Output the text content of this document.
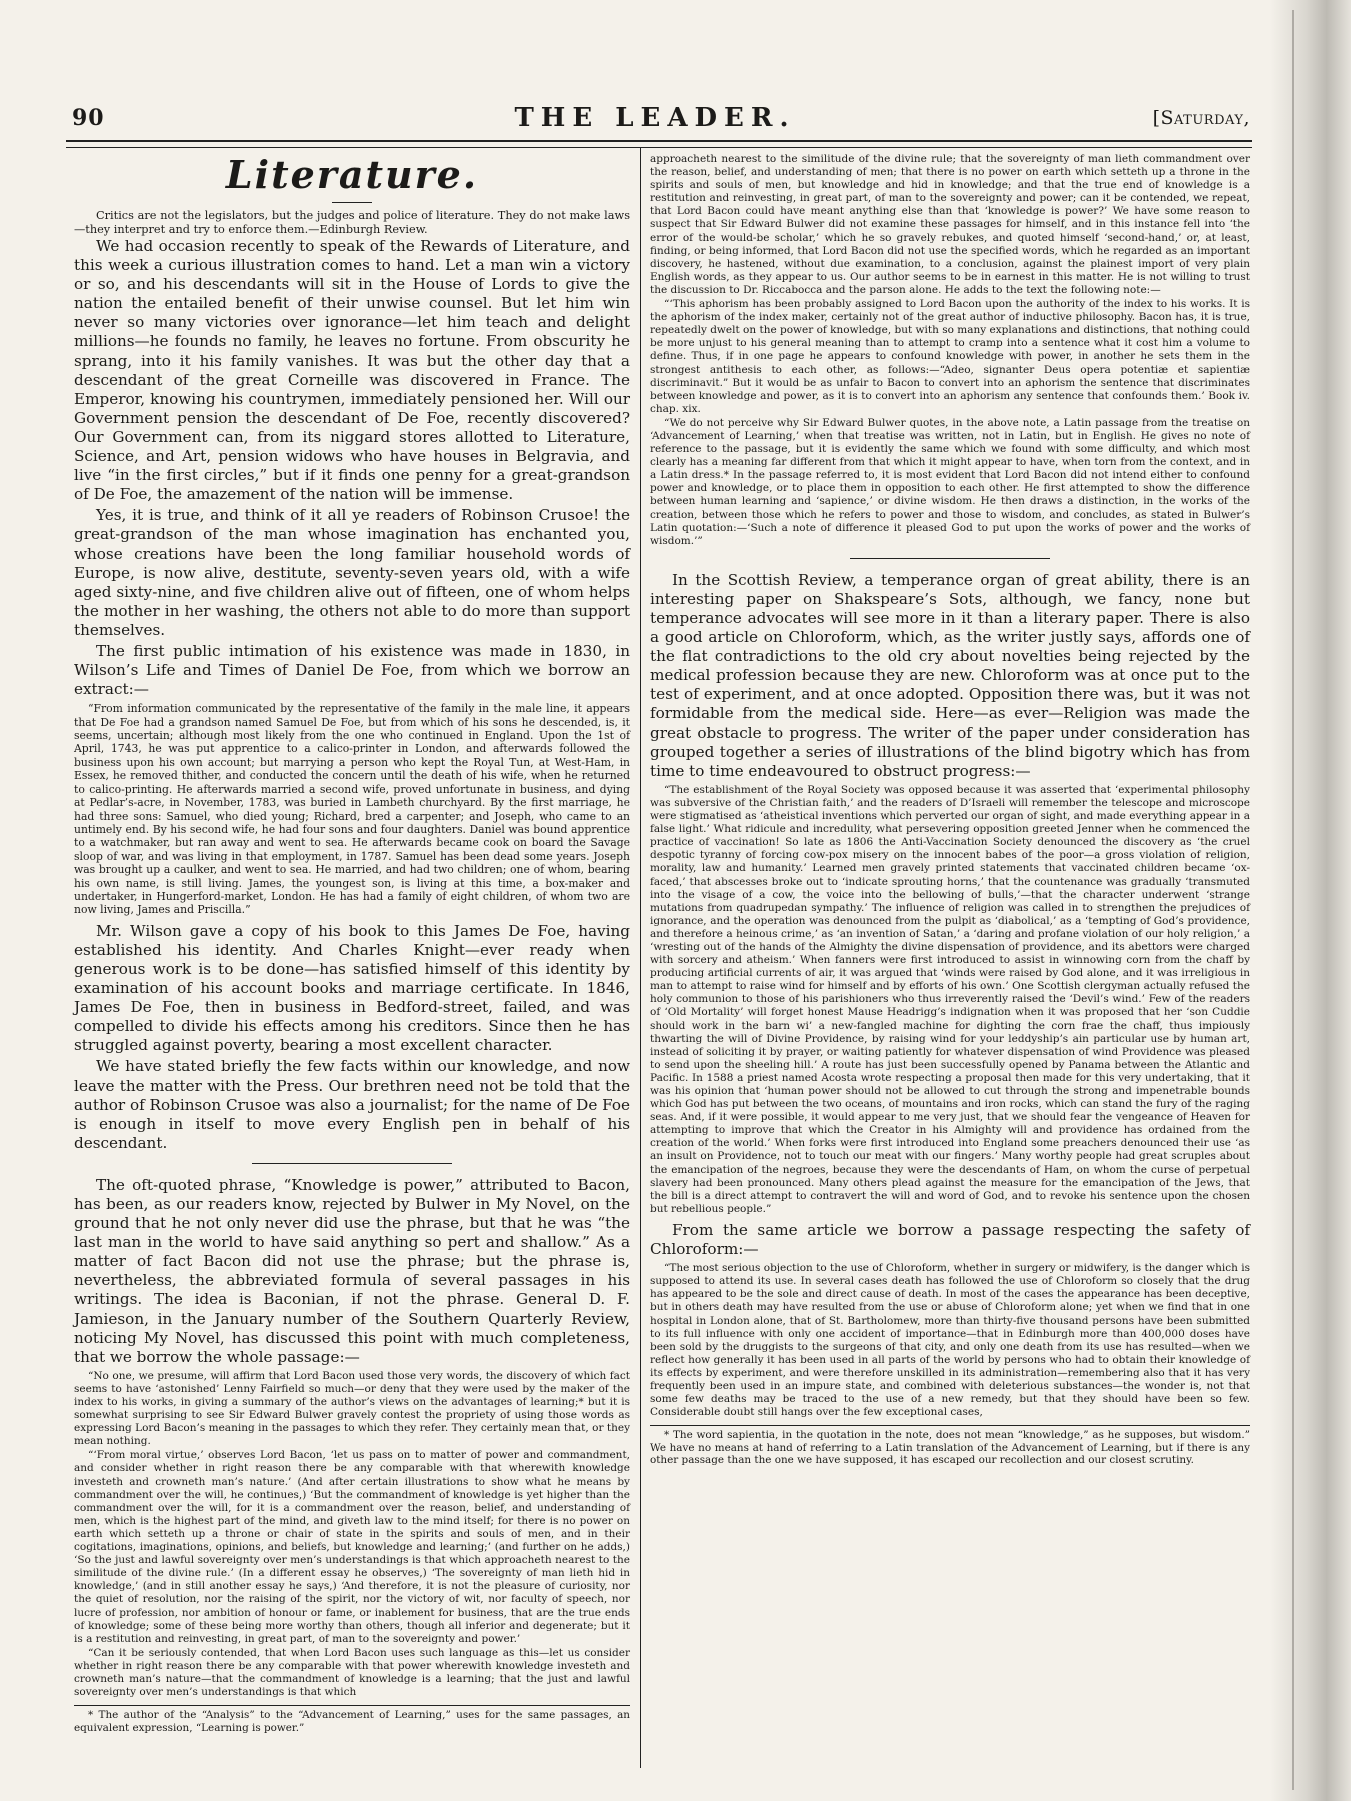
90	THE LEADER.	[Saturday,
Literature.

Critics are not the legislators, but the judges and police of literature. They do not make laws—they interpret and try to enforce them.—Edinburgh Review.

We had occasion recently to speak of the Rewards of Literature, and this week a curious illustration comes to hand. Let a man win a victory or so, and his descendants will sit in the House of Lords to give the nation the entailed benefit of their unwise counsel. But let him win never so many victories over ignorance—let him teach and delight millions—he founds no family, he leaves no fortune. From obscurity he sprang, into it his family vanishes. It was but the other day that a descendant of the great Corneille was discovered in France. The Emperor, knowing his countrymen, immediately pensioned her. Will our Government pension the descendant of De Foe, recently discovered? Our Government can, from its niggard stores allotted to Literature, Science, and Art, pension widows who have houses in Belgravia, and live “in the first circles,” but if it finds one penny for a great-grandson of De Foe, the amazement of the nation will be immense.

Yes, it is true, and think of it all ye readers of Robinson Crusoe! the great-grandson of the man whose imagination has enchanted you, whose creations have been the long familiar household words of Europe, is now alive, destitute, seventy-seven years old, with a wife aged sixty-nine, and five children alive out of fifteen, one of whom helps the mother in her washing, the others not able to do more than support themselves.

The first public intimation of his existence was made in 1830, in Wilson’s Life and Times of Daniel De Foe, from which we borrow an extract:—

“From information communicated by the representative of the family in the male line, it appears that De Foe had a grandson named Samuel De Foe, but from which of his sons he descended, is, it seems, uncertain; although most likely from the one who continued in England. Upon the 1st of April, 1743, he was put apprentice to a calico-printer in London, and afterwards followed the business upon his own account; but marrying a person who kept the Royal Tun, at West-Ham, in Essex, he removed thither, and conducted the concern until the death of his wife, when he returned to calico-printing. He afterwards married a second wife, proved unfortunate in business, and dying at Pedlar’s-acre, in November, 1783, was buried in Lambeth churchyard. By the first marriage, he had three sons: Samuel, who died young; Richard, bred a carpenter; and Joseph, who came to an untimely end. By his second wife, he had four sons and four daughters. Daniel was bound apprentice to a watchmaker, but ran away and went to sea. He afterwards became cook on board the Savage sloop of war, and was living in that employment, in 1787. Samuel has been dead some years. Joseph was brought up a caulker, and went to sea. He married, and had two children; one of whom, bearing his own name, is still living. James, the youngest son, is living at this time, a box-maker and undertaker, in Hungerford-market, London. He has had a family of eight children, of whom two are now living, James and Priscilla.”

Mr. Wilson gave a copy of his book to this James De Foe, having established his identity. And Charles Knight—ever ready when generous work is to be done—has satisfied himself of this identity by examination of his account books and marriage certificate. In 1846, James De Foe, then in business in Bedford-street, failed, and was compelled to divide his effects among his creditors. Since then he has struggled against poverty, bearing a most excellent character.

We have stated briefly the few facts within our knowledge, and now leave the matter with the Press. Our brethren need not be told that the author of Robinson Crusoe was also a journalist; for the name of De Foe is enough in itself to move every English pen in behalf of his descendant.

The oft-quoted phrase, “Knowledge is power,” attributed to Bacon, has been, as our readers know, rejected by Bulwer in My Novel, on the ground that he not only never did use the phrase, but that he was “the last man in the world to have said anything so pert and shallow.” As a matter of fact Bacon did not use the phrase; but the phrase is, nevertheless, the abbreviated formula of several passages in his writings. The idea is Baconian, if not the phrase. General D. F. Jamieson, in the January number of the Southern Quarterly Review, noticing My Novel, has discussed this point with much completeness, that we borrow the whole passage:—

“No one, we presume, will affirm that Lord Bacon used those very words, the discovery of which fact seems to have ‘astonished’ Lenny Fairfield so much—or deny that they were used by the maker of the index to his works, in giving a summary of the author’s views on the advantages of learning;* but it is somewhat surprising to see Sir Edward Bulwer gravely contest the propriety of using those words as expressing Lord Bacon’s meaning in the passages to which they refer. They certainly mean that, or they mean nothing.

“‘From moral virtue,’ observes Lord Bacon, ‘let us pass on to matter of power and commandment, and consider whether in right reason there be any comparable with that wherewith knowledge investeth and crowneth man’s nature.’ (And after certain illustrations to show what he means by commandment over the will, he continues,) ‘But the commandment of knowledge is yet higher than the commandment over the will, for it is a commandment over the reason, belief, and understanding of men, which is the highest part of the mind, and giveth law to the mind itself; for there is no power on earth which setteth up a throne or chair of state in the spirits and souls of men, and in their cogitations, imaginations, opinions, and beliefs, but knowledge and learning;’ (and further on he adds,) ‘So the just and lawful sovereignty over men’s understandings is that which approacheth nearest to the similitude of the divine rule.’ (In a different essay he observes,) ‘The sovereignty of man lieth hid in knowledge,’ (and in still another essay he says,) ‘And therefore, it is not the pleasure of curiosity, nor the quiet of resolution, nor the raising of the spirit, nor the victory of wit, nor faculty of speech, nor lucre of profession, nor ambition of honour or fame, or inablement for business, that are the true ends of knowledge; some of these being more worthy than others, though all inferior and degenerate; but it is a restitution and reinvesting, in great part, of man to the sovereignty and power.’

“Can it be seriously contended, that when Lord Bacon uses such language as this—let us consider whether in right reason there be any comparable with that power wherewith knowledge investeth and crowneth man’s nature—that the commandment of knowledge is a learning; that the just and lawful sovereignty over men’s understandings is that which

* The author of the “Analysis” to the “Advancement of Learning,” uses for the same passages, an equivalent expression, “Learning is power.”

approacheth nearest to the similitude of the divine rule; that the sovereignty of man lieth commandment over the reason, belief, and understanding of men; that there is no power on earth which setteth up a throne in the spirits and souls of men, but knowledge and hid in knowledge; and that the true end of knowledge is a restitution and reinvesting, in great part, of man to the sovereignty and power; can it be contended, we repeat, that Lord Bacon could have meant anything else than that ‘knowledge is power?’ We have some reason to suspect that Sir Edward Bulwer did not examine these passages for himself, and in this instance fell into ‘the error of the would-be scholar,’ which he so gravely rebukes, and quoted himself ‘second-hand,’ or, at least, finding, or being informed, that Lord Bacon did not use the specified words, which he regarded as an important discovery, he hastened, without due examination, to a conclusion, against the plainest import of very plain English words, as they appear to us. Our author seems to be in earnest in this matter. He is not willing to trust the discussion to Dr. Riccabocca and the parson alone. He adds to the text the following note:—

“‘This aphorism has been probably assigned to Lord Bacon upon the authority of the index to his works. It is the aphorism of the index maker, certainly not of the great author of inductive philosophy. Bacon has, it is true, repeatedly dwelt on the power of knowledge, but with so many explanations and distinctions, that nothing could be more unjust to his general meaning than to attempt to cramp into a sentence what it cost him a volume to define. Thus, if in one page he appears to confound knowledge with power, in another he sets them in the strongest antithesis to each other, as follows:—“Adeo, signanter Deus opera potentiæ et sapientiæ discriminavit.” But it would be as unfair to Bacon to convert into an aphorism the sentence that discriminates between knowledge and power, as it is to convert into an aphorism any sentence that confounds them.’ Book iv. chap. xix.

“We do not perceive why Sir Edward Bulwer quotes, in the above note, a Latin passage from the treatise on ‘Advancement of Learning,’ when that treatise was written, not in Latin, but in English. He gives no note of reference to the passage, but it is evidently the same which we found with some difficulty, and which most clearly has a meaning far different from that which it might appear to have, when torn from the context, and in a Latin dress.* In the passage referred to, it is most evident that Lord Bacon did not intend either to confound power and knowledge, or to place them in opposition to each other. He first attempted to show the difference between human learning and ‘sapience,’ or divine wisdom. He then draws a distinction, in the works of the creation, between those which he refers to power and those to wisdom, and concludes, as stated in Bulwer’s Latin quotation:—‘Such a note of difference it pleased God to put upon the works of power and the works of wisdom.’”

In the Scottish Review, a temperance organ of great ability, there is an interesting paper on Shakspeare’s Sots, although, we fancy, none but temperance advocates will see more in it than a literary paper. There is also a good article on Chloroform, which, as the writer justly says, affords one of the flat contradictions to the old cry about novelties being rejected by the medical profession because they are new. Chloroform was at once put to the test of experiment, and at once adopted. Opposition there was, but it was not formidable from the medical side. Here—as ever—Religion was made the great obstacle to progress. The writer of the paper under consideration has grouped together a series of illustrations of the blind bigotry which has from time to time endeavoured to obstruct progress:—

“The establishment of the Royal Society was opposed because it was asserted that ‘experimental philosophy was subversive of the Christian faith,’ and the readers of D’Israeli will remember the telescope and microscope were stigmatised as ‘atheistical inventions which perverted our organ of sight, and made everything appear in a false light.’ What ridicule and incredulity, what persevering opposition greeted Jenner when he commenced the practice of vaccination! So late as 1806 the Anti-Vaccination Society denounced the discovery as ‘the cruel despotic tyranny of forcing cow-pox misery on the innocent babes of the poor—a gross violation of religion, morality, law and humanity.’ Learned men gravely printed statements that vaccinated children became ‘ox-faced,’ that abscesses broke out to ‘indicate sprouting horns,’ that the countenance was gradually ‘transmuted into the visage of a cow, the voice into the bellowing of bulls,’—that the character underwent ‘strange mutations from quadrupedan sympathy.’ The influence of religion was called in to strengthen the prejudices of ignorance, and the operation was denounced from the pulpit as ‘diabolical,’ as a ‘tempting of God’s providence, and therefore a heinous crime,’ as ‘an invention of Satan,’ a ‘daring and profane violation of our holy religion,’ a ‘wresting out of the hands of the Almighty the divine dispensation of providence, and its abettors were charged with sorcery and atheism.’ When fanners were first introduced to assist in winnowing corn from the chaff by producing artificial currents of air, it was argued that ‘winds were raised by God alone, and it was irreligious in man to attempt to raise wind for himself and by efforts of his own.’ One Scottish clergyman actually refused the holy communion to those of his parishioners who thus irreverently raised the ‘Devil’s wind.’ Few of the readers of ‘Old Mortality’ will forget honest Mause Headrigg’s indignation when it was proposed that her ‘son Cuddie should work in the barn wi’ a new-fangled machine for dighting the corn frae the chaff, thus impiously thwarting the will of Divine Providence, by raising wind for your leddyship’s ain particular use by human art, instead of soliciting it by prayer, or waiting patiently for whatever dispensation of wind Providence was pleased to send upon the sheeling hill.’ A route has just been successfully opened by Panama between the Atlantic and Pacific. In 1588 a priest named Acosta wrote respecting a proposal then made for this very undertaking, that it was his opinion that ‘human power should not be allowed to cut through the strong and impenetrable bounds which God has put between the two oceans, of mountains and iron rocks, which can stand the fury of the raging seas. And, if it were possible, it would appear to me very just, that we should fear the vengeance of Heaven for attempting to improve that which the Creator in his Almighty will and providence has ordained from the creation of the world.’ When forks were first introduced into England some preachers denounced their use ‘as an insult on Providence, not to touch our meat with our fingers.’ Many worthy people had great scruples about the emancipation of the negroes, because they were the descendants of Ham, on whom the curse of perpetual slavery had been pronounced. Many others plead against the measure for the emancipation of the Jews, that the bill is a direct attempt to contravert the will and word of God, and to revoke his sentence upon the chosen but rebellious people.”

From the same article we borrow a passage respecting the safety of Chloroform:—

“The most serious objection to the use of Chloroform, whether in surgery or midwifery, is the danger which is supposed to attend its use. In several cases death has followed the use of Chloroform so closely that the drug has appeared to be the sole and direct cause of death. In most of the cases the appearance has been deceptive, but in others death may have resulted from the use or abuse of Chloroform alone; yet when we find that in one hospital in London alone, that of St. Bartholomew, more than thirty-five thousand persons have been submitted to its full influence with only one accident of importance—that in Edinburgh more than 400,000 doses have been sold by the druggists to the surgeons of that city, and only one death from its use has resulted—when we reflect how generally it has been used in all parts of the world by persons who had to obtain their knowledge of its effects by experiment, and were therefore unskilled in its administration—remembering also that it has very frequently been used in an impure state, and combined with deleterious substances—the wonder is, not that some few deaths may be traced to the use of a new remedy, but that they should have been so few. Considerable doubt still hangs over the few exceptional cases,

* The word sapientia, in the quotation in the note, does not mean “knowledge,” as he supposes, but wisdom.” We have no means at hand of referring to a Latin translation of the Advancement of Learning, but if there is any other passage than the one we have supposed, it has escaped our recollection and our closest scrutiny.
